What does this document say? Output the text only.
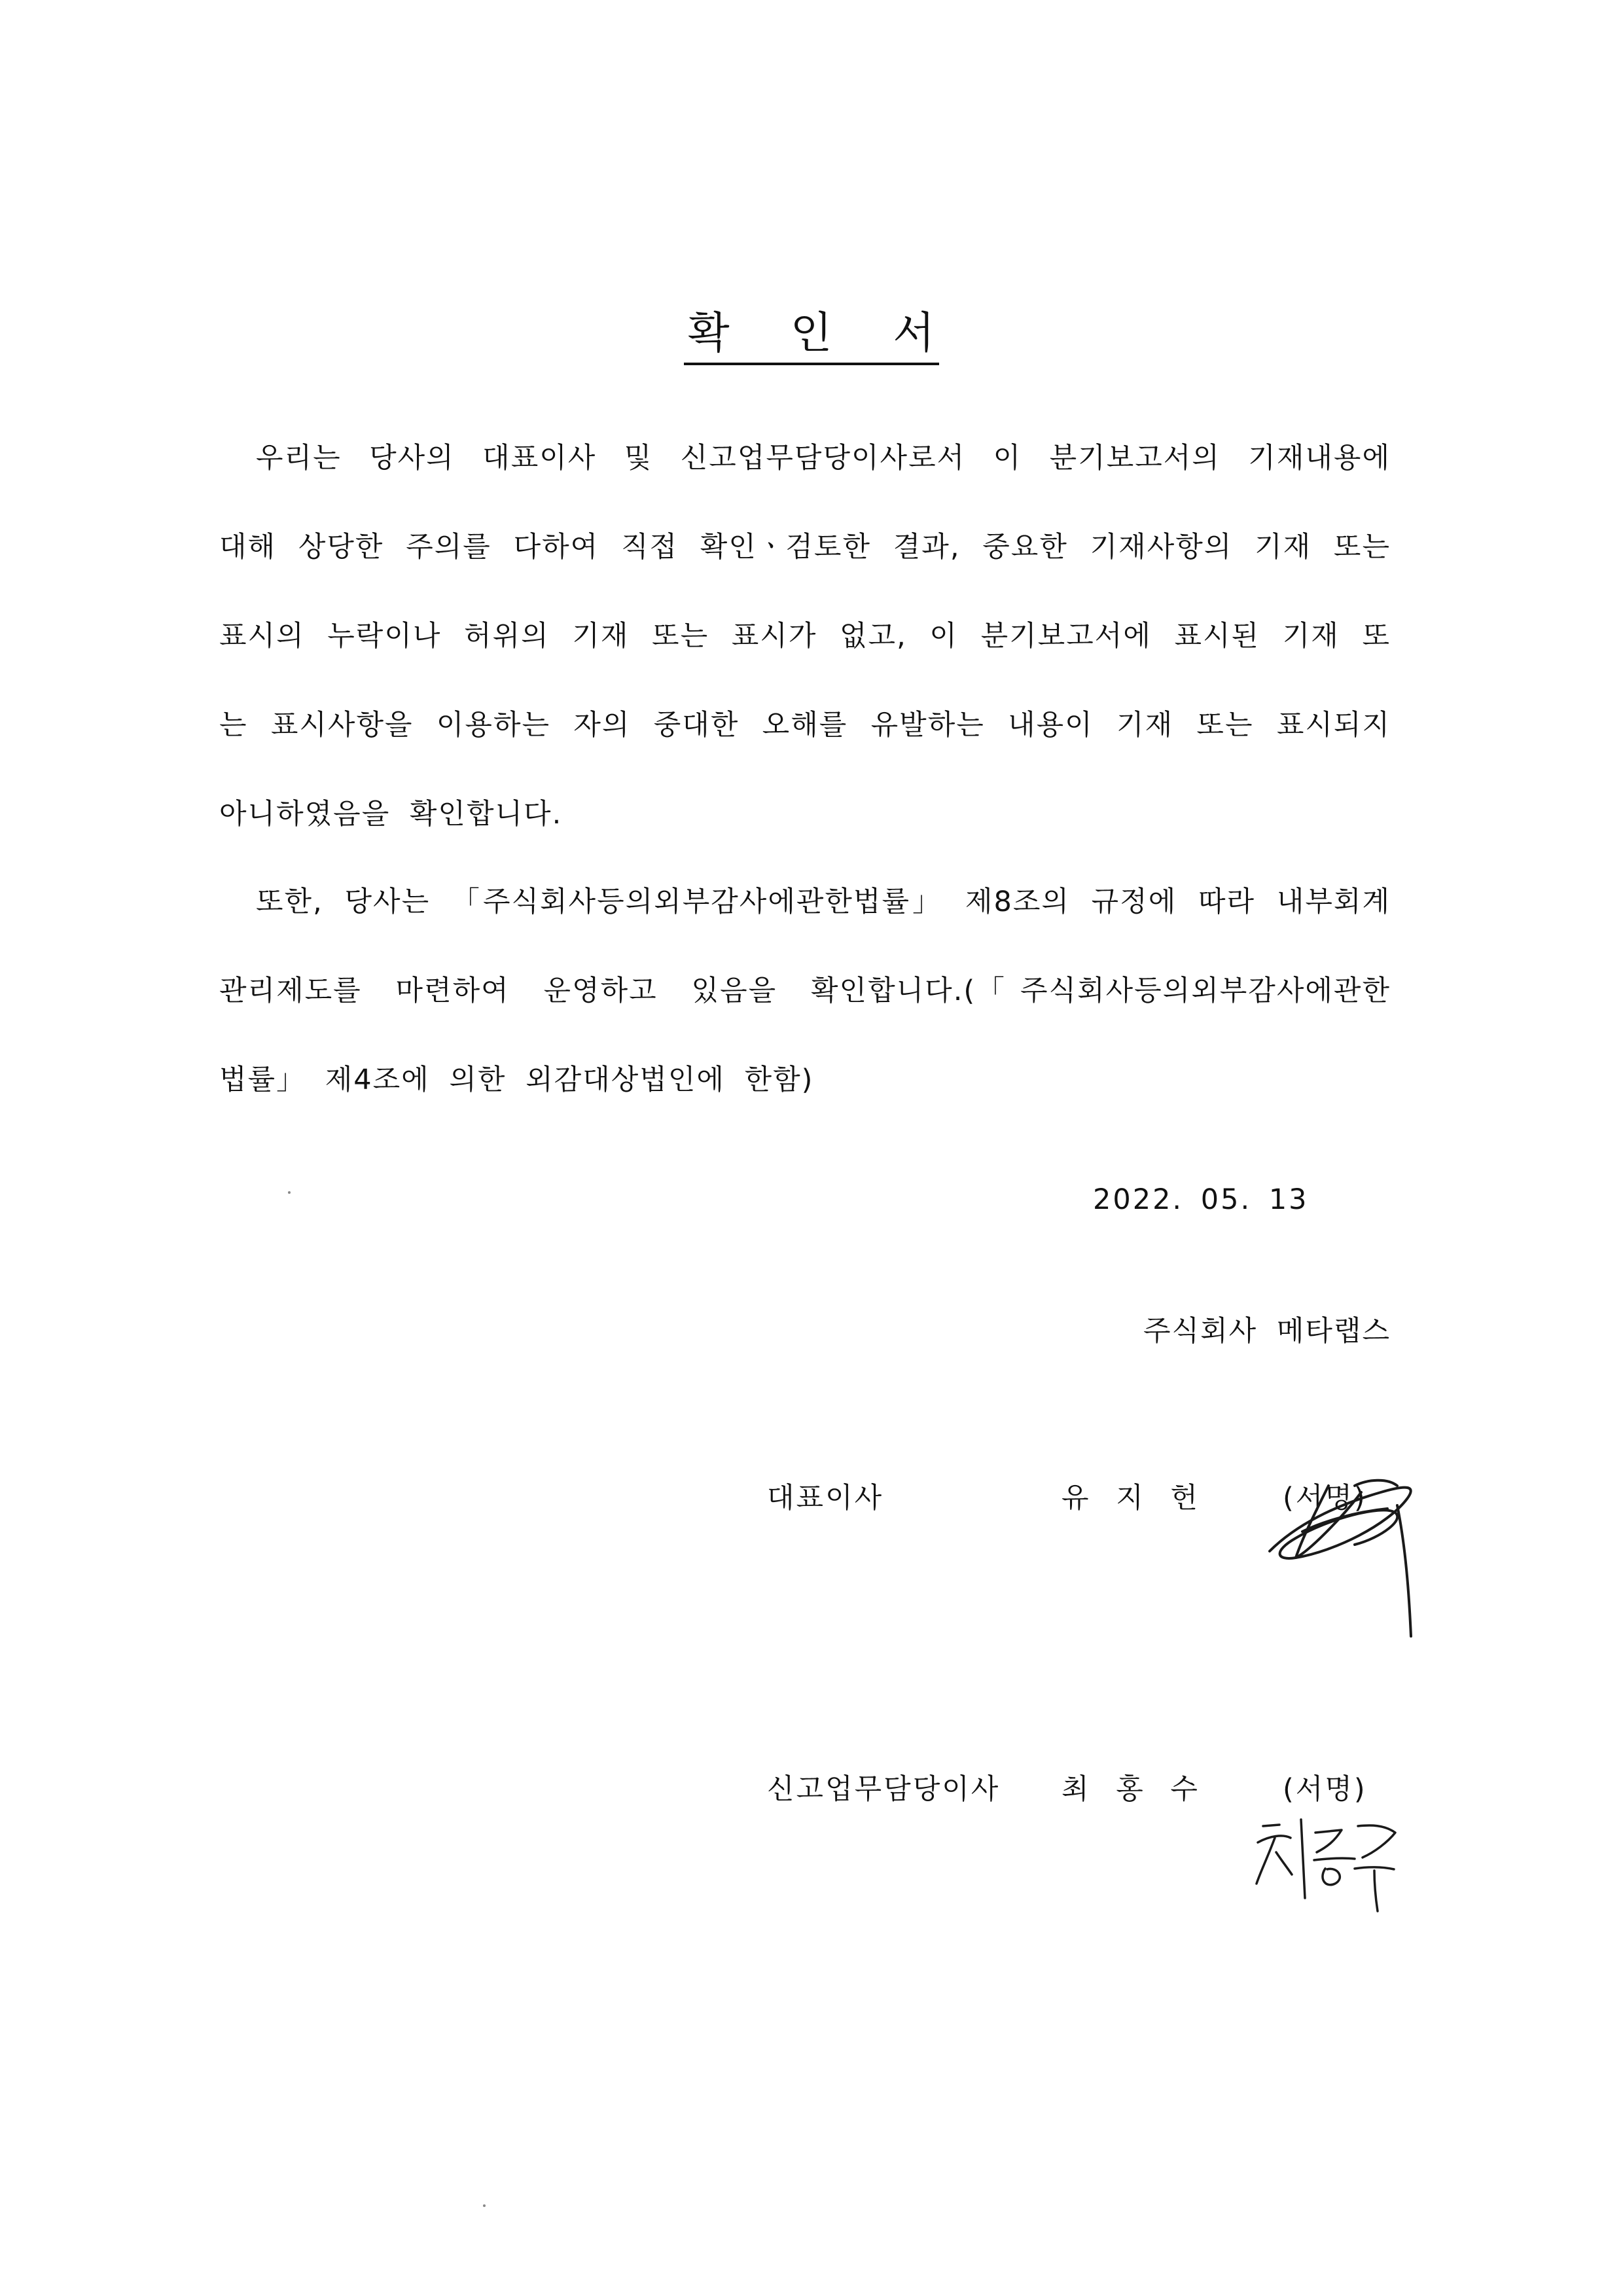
확 인 서
우리는 당사의 대표이사 및 신고업무담당이사로서 이 분기보고서의 기재내용에
대해 상당한 주의를 다하여 직접 확인ㆍ검토한 결과, 중요한 기재사항의 기재 또는
표시의 누락이나 허위의 기재 또는 표시가 없고, 이 분기보고서에 표시된 기재 또
는 표시사항을 이용하는 자의 중대한 오해를 유발하는 내용이 기재 또는 표시되지
아니하였음을 확인합니다.
또한, 당사는 「주식회사등의외부감사에관한법률」 제8조의 규정에 따라 내부회계
관리제도를 마련하여 운영하고 있음을 확인합니다.(「주식회사등의외부감사에관한
법률」 제4조에 의한 외감대상법인에 한함)
2022. 05. 13
주식회사 메타랩스
대표이사	유 지 헌	(서명)
신고업무담당이사 최 홍 수	(서명)
